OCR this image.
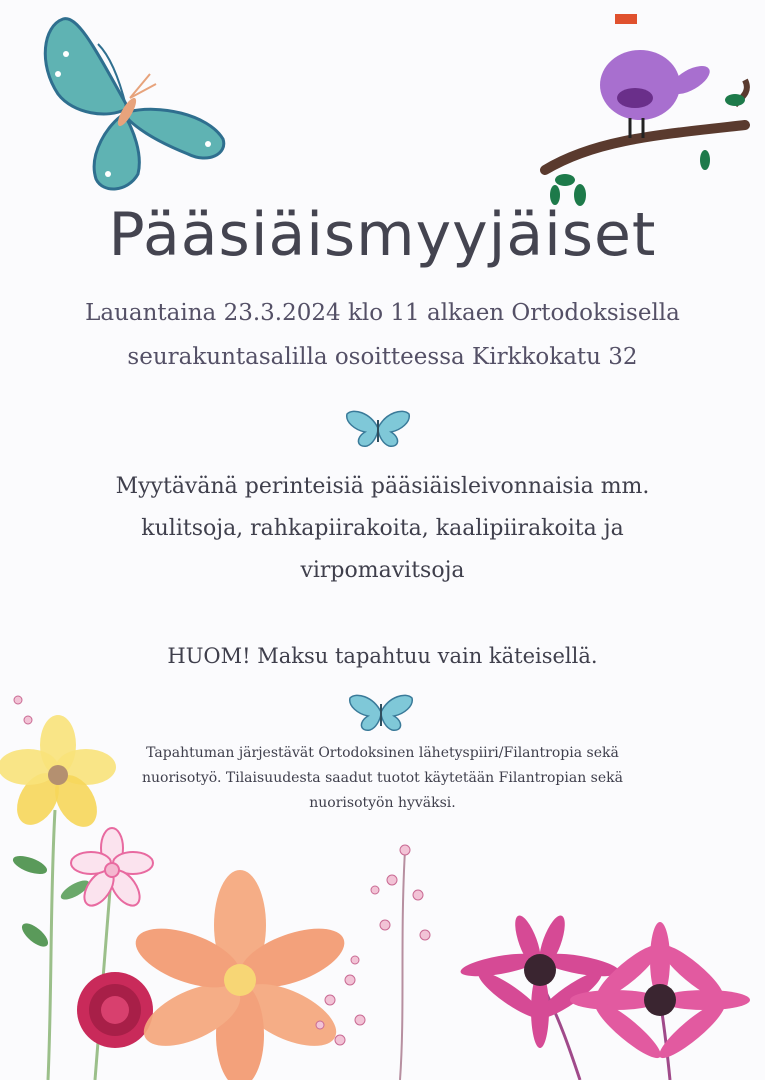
Pääsiäismyyjäiset

Lauantaina 23.3.2024 klo 11 alkaen Ortodoksisella

seurakuntasalilla osoitteessa Kirkkokatu 32

Myytävänä perinteisiä pääsiäisleivonnaisia mm.

kulitsoja, rahkapiirakoita, kaalipiirakoita ja

virpomavitsoja

HUOM! Maksu tapahtuu vain käteisellä.

Tapahtuman järjestävät Ortodoksinen lähetyspiiri/Filantropia sekä

nuorisotyö. Tilaisuudesta saadut tuotot käytetään Filantropian sekä

nuorisotyön hyväksi.
